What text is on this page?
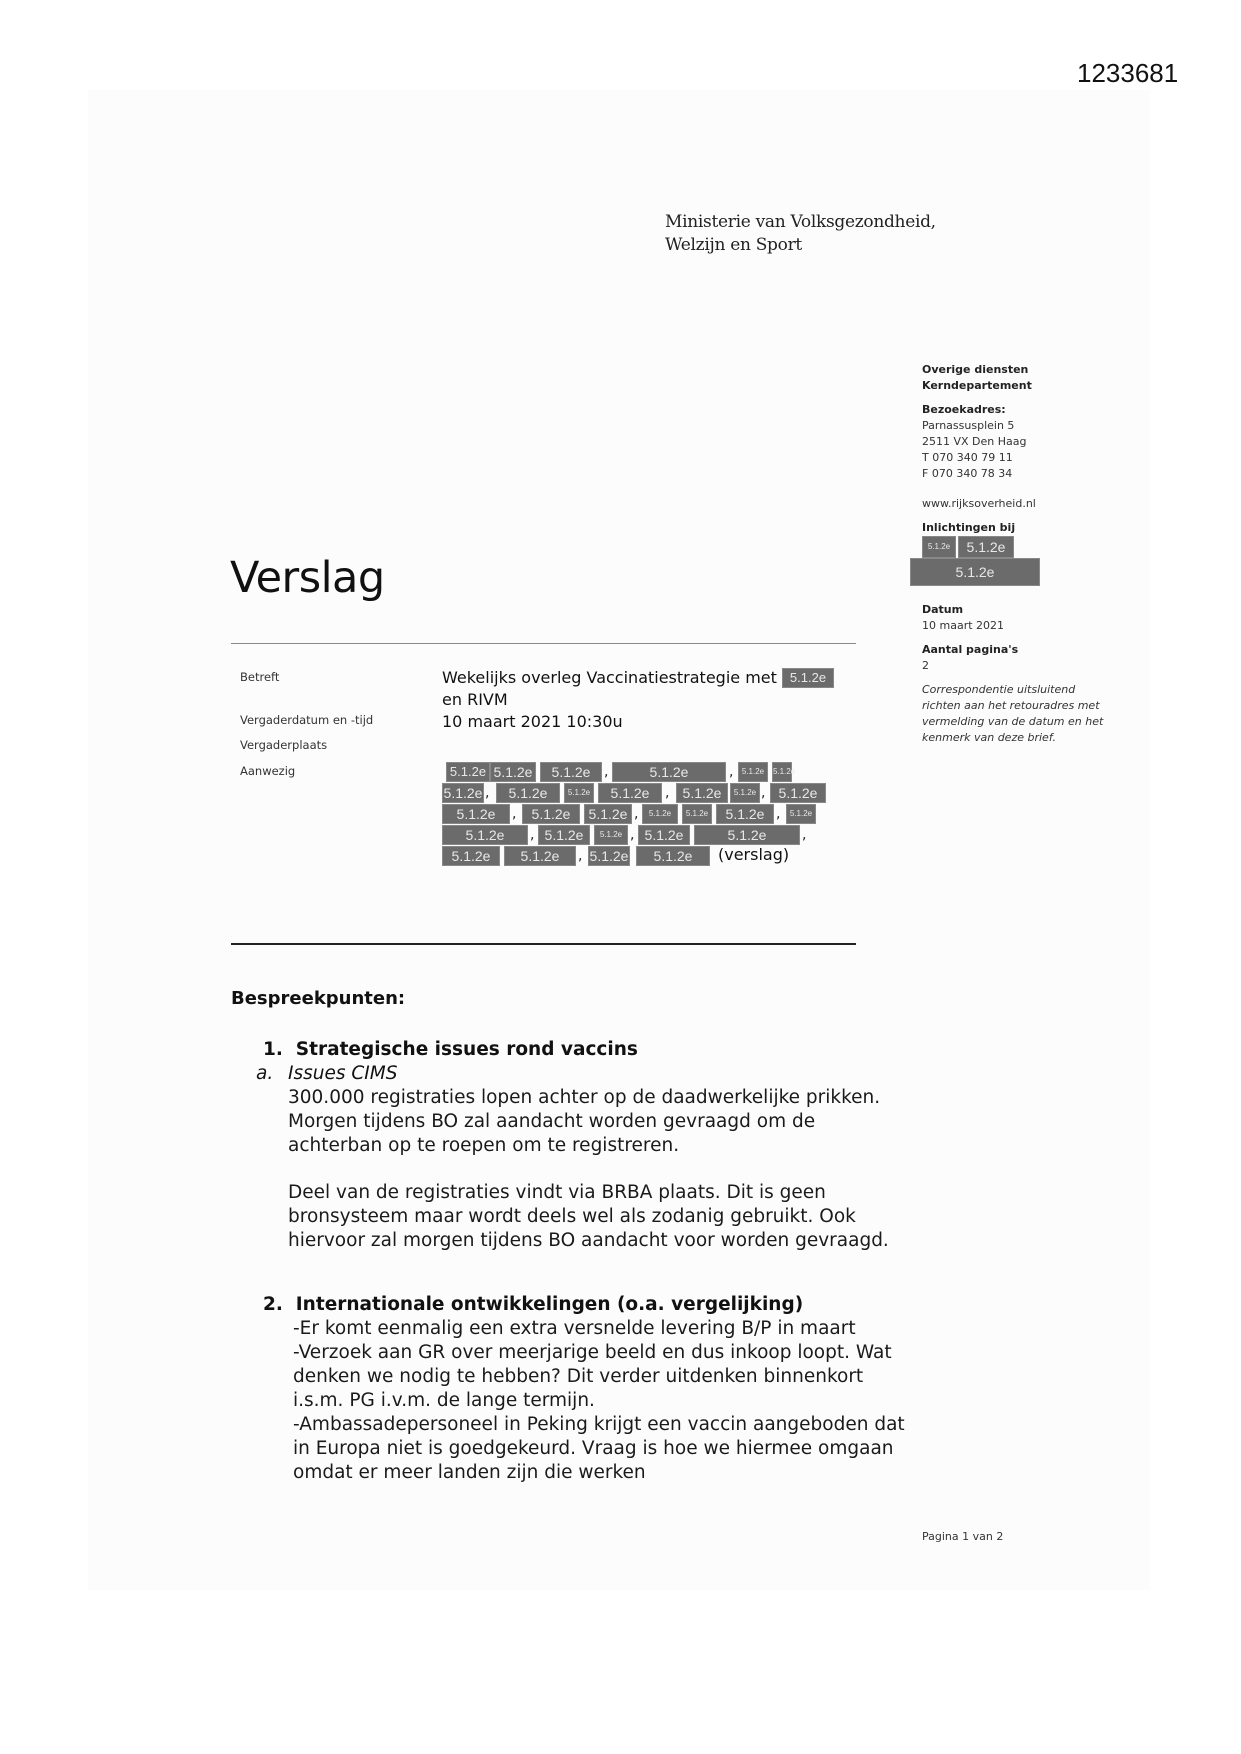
1233681
Ministerie van Volksgezondheid,
Welzijn en Sport
Overige diensten
Kerndepartement
Bezoekadres:
Parnassusplein 5
2511 VX Den Haag
T 070 340 79 11
F 070 340 78 34
www.rijksoverheid.nl
Inlichtingen bij
5.1.2e	5.1.2e
5.1.2e
Datum
10 maart 2021
Aantal pagina's
2
Correspondentie uitsluitend richten aan het retouradres met vermelding van de datum en het kenmerk van deze brief.
Verslag
Betreft	Wekelijks overleg Vaccinatiestrategie met 5.1.2e
en RIVM
Vergaderdatum en -tijd	10 maart 2021 10:30u
Vergaderplaats
Aanwezig	5.1.2e 5.1.2e	5.1.2e ,	5.1.2e	,	5.1.2e	5.1.2e
5.1.2e ,	5.1.2e	5.1.2e	5.1.2e	, 5.1.2e	5.1.2e , 5.1.2e
5.1.2e	,	5.1.2e	5.1.2e ,	5.1.2e	5.1.2e	5.1.2e ,	5.1.2e
5.1.2e	, 5.1.2e	5.1.2e , 5.1.2e	5.1.2e	,
5.1.2e	5.1.2e	, 5.1.2e	5.1.2e	(verslag)
Bespreekpunten:
1. Strategische issues rond vaccins
a. Issues CIMS
300.000 registraties lopen achter op de daadwerkelijke prikken. Morgen tijdens BO zal aandacht worden gevraagd om de achterban op te roepen om te registreren.
Deel van de registraties vindt via BRBA plaats. Dit is geen bronsysteem maar wordt deels wel als zodanig gebruikt. Ook hiervoor zal morgen tijdens BO aandacht voor worden gevraagd.
2. Internationale ontwikkelingen (o.a. vergelijking)
-Er komt eenmalig een extra versnelde levering B/P in maart
-Verzoek aan GR over meerjarige beeld en dus inkoop loopt. Wat denken we nodig te hebben? Dit verder uitdenken binnenkort i.s.m. PG i.v.m. de lange termijn.
-Ambassadepersoneel in Peking krijgt een vaccin aangeboden dat in Europa niet is goedgekeurd. Vraag is hoe we hiermee omgaan omdat er meer landen zijn die werken
Pagina 1 van 2
